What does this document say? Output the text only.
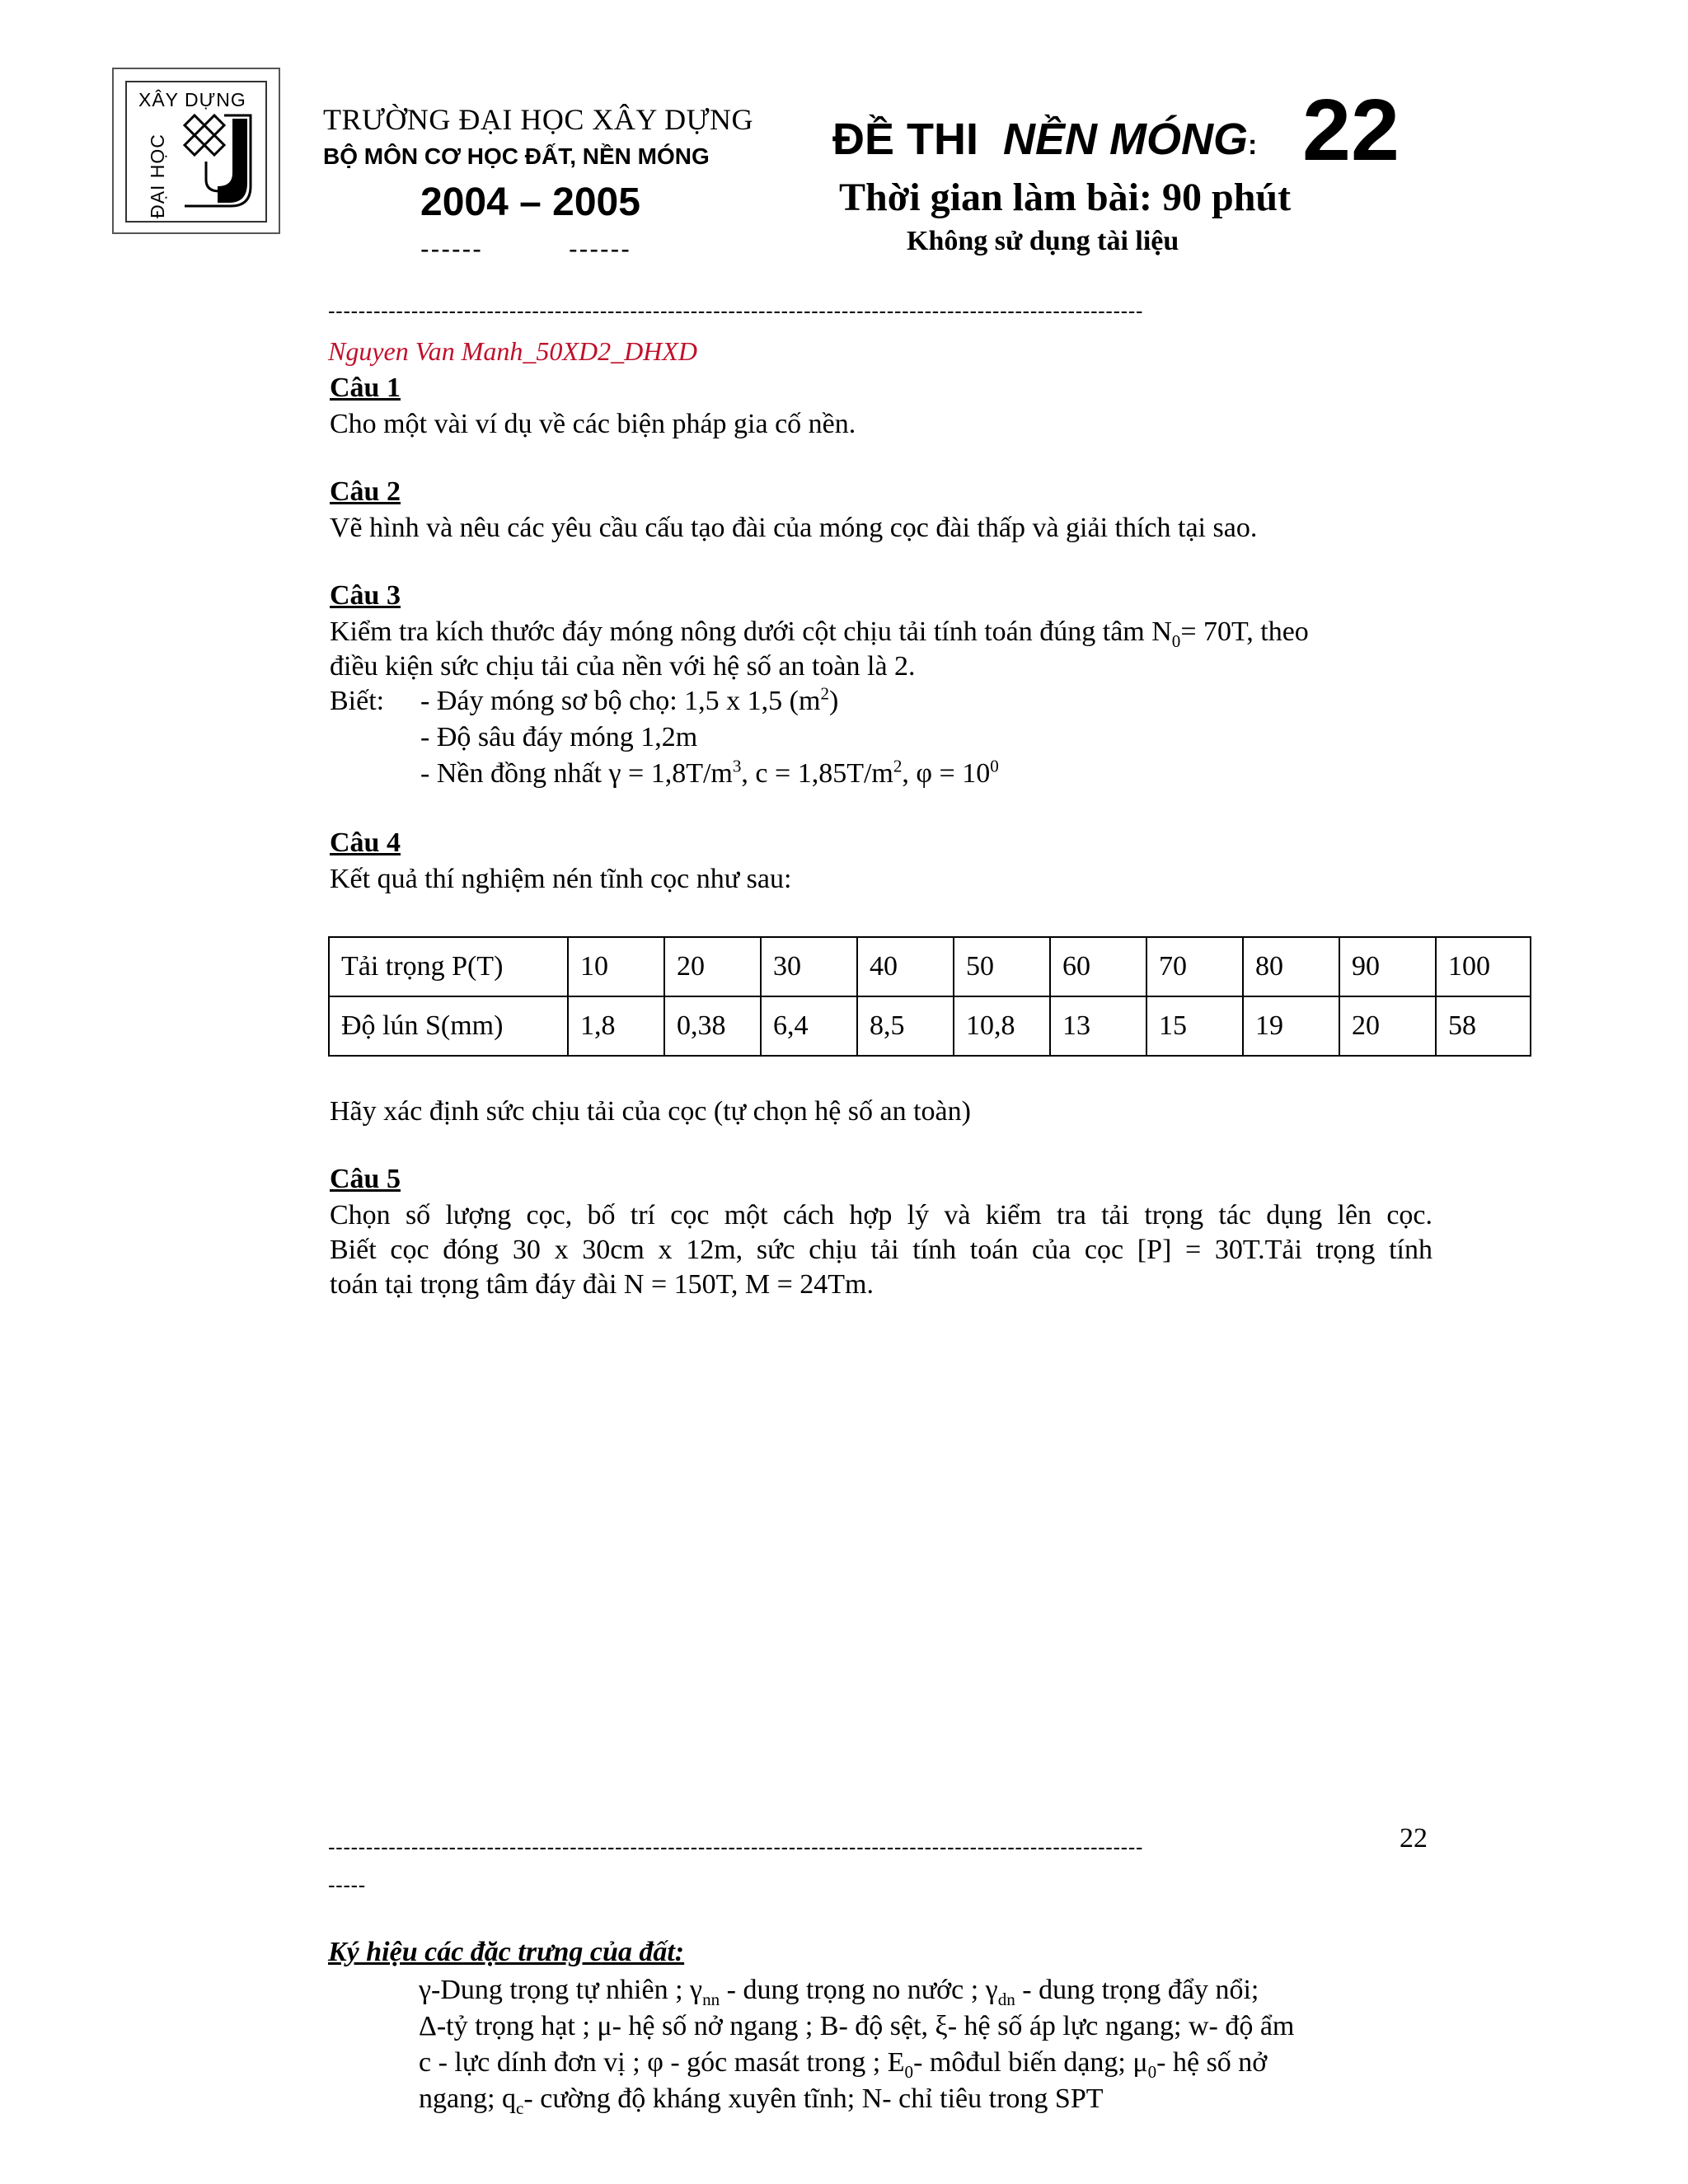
XÂY DỰNG
ĐẠI HỌC
TRƯỜNG ĐẠI HỌC XÂY DỰNG
BỘ MÔN CƠ HỌC ĐẤT, NỀN MÓNG
2004 – 2005
------	------
ĐỀ THI NỀN MÓNG: 22
Thời gian làm bài: 90 phút
Không sử dụng tài liệu
------------------------------------------------------------------------------------------------------------
Nguyen Van Manh_50XD2_DHXD
Câu 1
Cho một vài ví dụ về các biện pháp gia cố nền.
Câu 2
Vẽ hình và nêu các yêu cầu cấu tạo đài của móng cọc đài thấp và giải thích tại sao.
Câu 3
Kiểm tra kích thước đáy móng nông dưới cột chịu tải tính toán đúng tâm $N_0= 70T$, theo
điều kiện sức chịu tải của nền với hệ số an toàn là 2.
Biết: - Đáy móng sơ bộ chọ: 1,5 x 1,5 $(m^2)$
- Độ sâu đáy móng 1,2m
- Nền đồng nhất $\gamma = 1,8T/m^3$, $c = 1,85T/m^2$, $\varphi = 10^0$
Câu 4
Kết quả thí nghiệm nén tĩnh cọc như sau:
Tải trọng P(T)	10	20	30	40	50	60	70	80	90	100
Độ lún S(mm)	1,8	0,38	6,4	8,5	10,8	13	15	19	20	58
Hãy xác định sức chịu tải của cọc (tự chọn hệ số an toàn)
Câu 5
Chọn số lượng cọc, bố trí cọc một cách hợp lý và kiểm tra tải trọng tác dụng lên cọc.
Biết cọc đóng 30 x 30cm x 12m, sức chịu tải tính toán của cọc [P] = 30T.Tải trọng tính
toán tại trọng tâm đáy đài N = 150T, M = 24Tm.
------------------------------------------------------------------------------------------------------------
-----
22
Ký hiệu các đặc trưng của đất:
γ-Dung trọng tự nhiên ; $\gamma_{nn}$ - dung trọng no nước ; $\gamma_{dn}$ - dung trọng đẩy nổi;
Δ-tỷ trọng hạt ; μ- hệ số nở ngang ; B- độ sệt, ξ- hệ số áp lực ngang; w- độ ẩm
c - lực dính đơn vị ; φ - góc masát trong ; $E_0-$ môđul biến dạng; $\mu_0-$ hệ số nở
ngang; $q_c-$ cường độ kháng xuyên tĩnh; N- chỉ tiêu trong SPT
